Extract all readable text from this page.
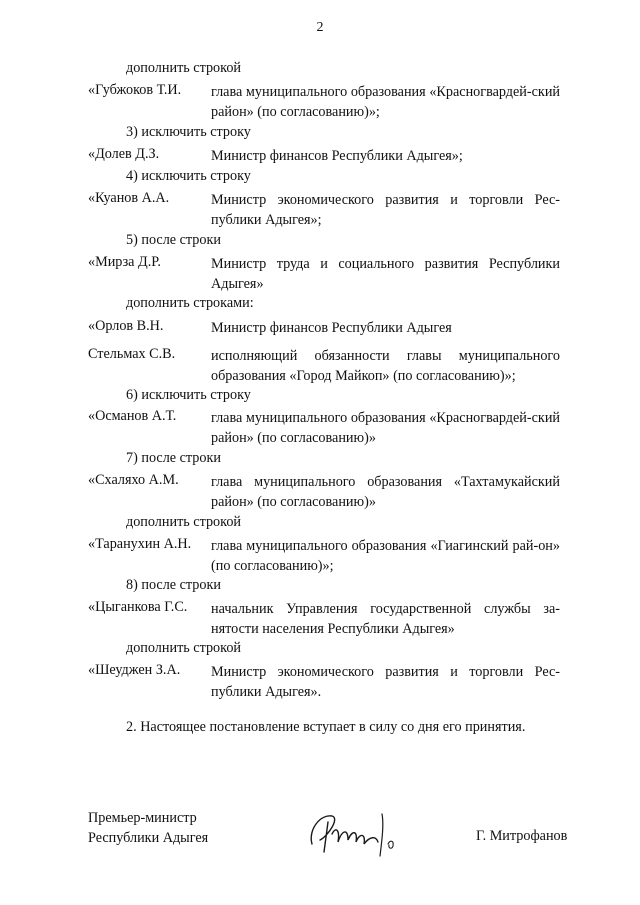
2
дополнить строкой
«Губжоков Т.И. глава муниципального образования «Красногвардей-ский район» (по согласованию)»;
3) исключить строку
«Долев Д.З.	Министр финансов Республики Адыгея»;
4) исключить строку
«Куанов А.А.	Министр экономического развития и торговли Рес-публики Адыгея»;
5) после строки
«Мирза Д.Р.	Министр труда и социального развития Республики Адыгея»
дополнить строками:
«Орлов В.Н.	Министр финансов Республики Адыгея
Стельмах С.В.	исполняющий обязанности главы муниципального образования «Город Майкоп» (по согласованию)»;
6) исключить строку
«Османов А.Т. глава муниципального образования «Красногвардей-ский район» (по согласованию)»
7) после строки
«Схаляхо А.М. глава муниципального образования «Тахтамукайский район» (по согласованию)»
дополнить строкой
«Таранухин А.Н. глава муниципального образования «Гиагинский рай-он» (по согласованию)»;
8) после строки
«Цыганкова Г.С. начальник Управления государственной службы за-нятости населения Республики Адыгея»
дополнить строкой
«Шеуджен З.А. Министр экономического развития и торговли Рес-публики Адыгея».
2. Настоящее постановление вступает в силу со дня его принятия.
Премьер-министр
Республики Адыгея	Г. Митрофанов
